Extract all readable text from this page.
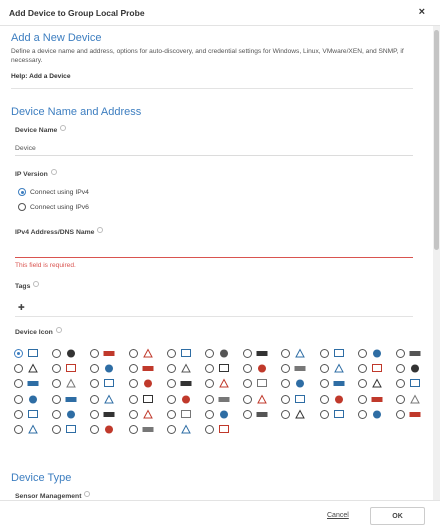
Add Device to Group Local Probe	×
Add a New Device
Define a device name and address, options for auto-discovery, and credential settings for Windows, Linux, VMware/XEN, and SNMP, if necessary.
Help: Add a Device
Device Name and Address
Device Name
Device
IP Version
Connect using IPv4
Connect using IPv6
IPv4 Address/DNS Name
This field is required.
Tags
✚
Device Icon
Device Type
Sensor Management
Cancel	OK
